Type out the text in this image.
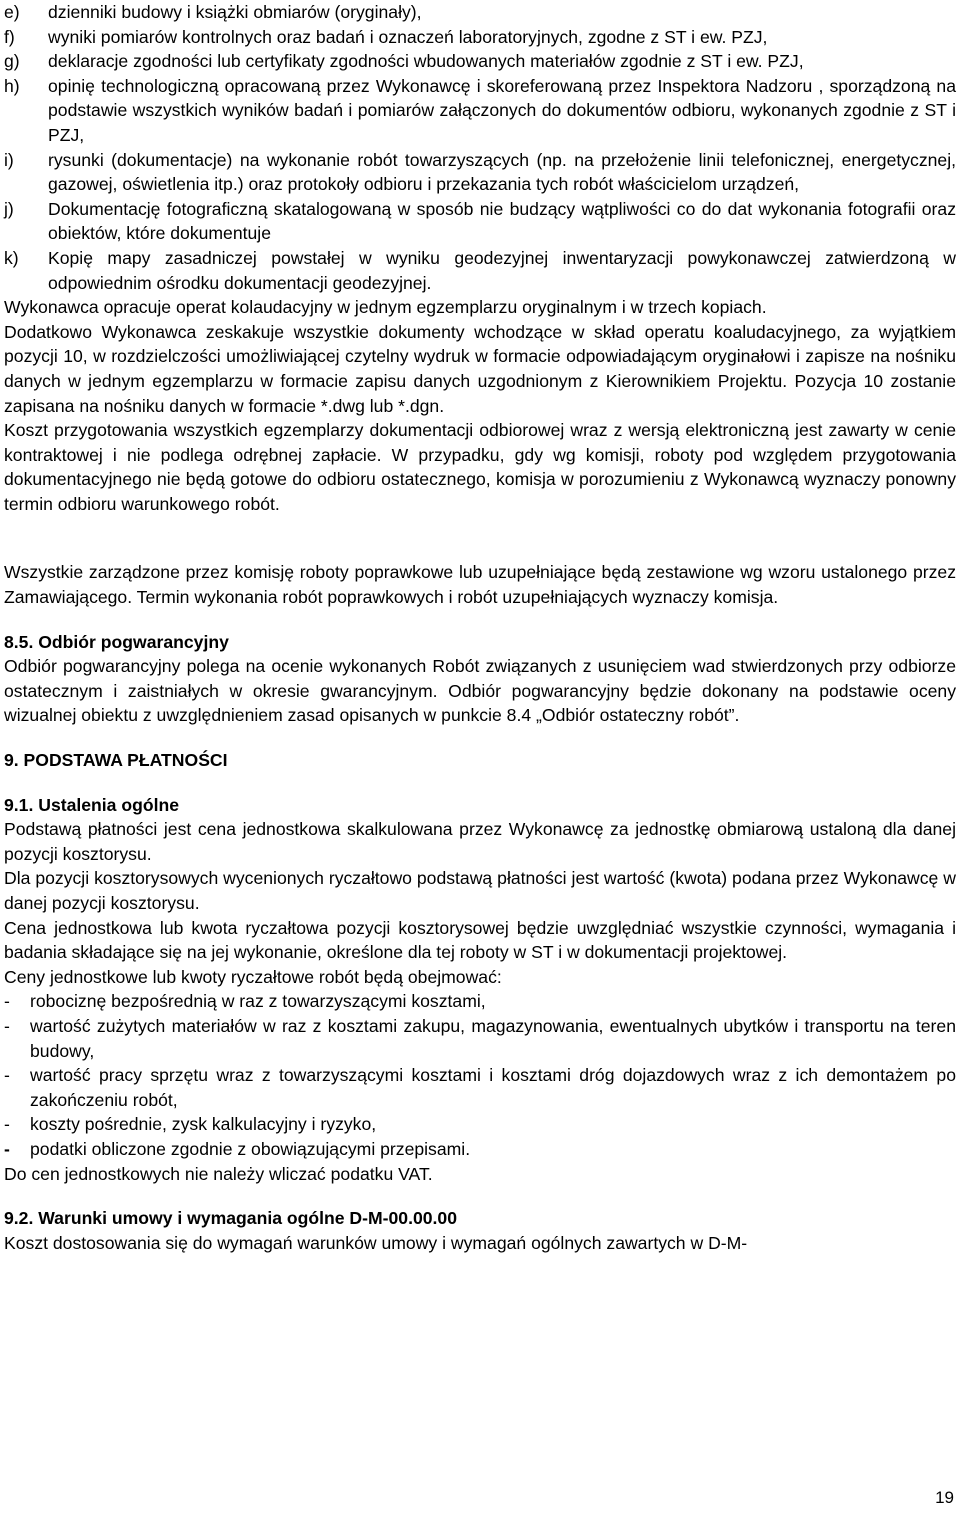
e)	dzienniki budowy i książki obmiarów (oryginały),
f)	wyniki pomiarów kontrolnych oraz badań i oznaczeń laboratoryjnych, zgodne z ST i ew. PZJ,
g)	deklaracje zgodności lub certyfikaty zgodności wbudowanych materiałów zgodnie z ST i ew. PZJ,
h)	opinię technologiczną opracowaną przez Wykonawcę i skoreferowaną przez Inspektora Nadzoru , sporządzoną na podstawie wszystkich wyników badań i pomiarów załączonych do dokumentów odbioru, wykonanych zgodnie z ST i PZJ,
i)	rysunki (dokumentacje) na wykonanie robót towarzyszących (np. na przełożenie linii telefonicznej, energetycznej, gazowej, oświetlenia itp.) oraz protokoły odbioru i przekazania tych robót właścicielom urządzeń,
j)	Dokumentację fotograficzną skatalogowaną w sposób nie budzący wątpliwości co do dat wykonania fotografii oraz obiektów, które dokumentuje
k)	Kopię mapy zasadniczej powstałej w wyniku geodezyjnej inwentaryzacji powykonawczej zatwierdzoną w odpowiednim ośrodku dokumentacji geodezyjnej.

Wykonawca opracuje operat kolaudacyjny w jednym egzemplarzu oryginalnym i w trzech kopiach.

Dodatkowo Wykonawca zeskakuje wszystkie dokumenty wchodzące w skład operatu koaludacyjnego, za wyjątkiem pozycji 10, w rozdzielczości umożliwiającej czytelny wydruk w formacie odpowiadającym oryginałowi i zapisze na nośniku danych w jednym egzemplarzu w formacie zapisu danych uzgodnionym z Kierownikiem Projektu. Pozycja 10 zostanie zapisana na nośniku danych w formacie *.dwg lub *.dgn.

Koszt przygotowania wszystkich egzemplarzy dokumentacji odbiorowej wraz z wersją elektroniczną jest zawarty w cenie kontraktowej i nie podlega odrębnej zapłacie. W przypadku, gdy wg komisji, roboty pod względem przygotowania dokumentacyjnego nie będą gotowe do odbioru ostatecznego, komisja w porozumieniu z Wykonawcą wyznaczy ponowny termin odbioru warunkowego robót.

Wszystkie zarządzone przez komisję roboty poprawkowe lub uzupełniające będą zestawione wg wzoru ustalonego przez Zamawiającego. Termin wykonania robót poprawkowych i robót uzupełniających wyznaczy komisja.

8.5. Odbiór pogwarancyjny

Odbiór pogwarancyjny polega na ocenie wykonanych Robót związanych z usunięciem wad stwierdzonych przy odbiorze ostatecznym i zaistniałych w okresie gwarancyjnym. Odbiór pogwarancyjny będzie dokonany na podstawie oceny wizualnej obiektu z uwzględnieniem zasad opisanych w punkcie 8.4 „Odbiór ostateczny robót”.

9. PODSTAWA PŁATNOŚCI

9.1. Ustalenia ogólne

Podstawą płatności jest cena jednostkowa skalkulowana przez Wykonawcę za jednostkę obmiarową ustaloną dla danej pozycji kosztorysu.

Dla pozycji kosztorysowych wycenionych ryczałtowo podstawą płatności jest wartość (kwota) podana przez Wykonawcę w danej pozycji kosztorysu.

Cena jednostkowa lub kwota ryczałtowa pozycji kosztorysowej będzie uwzględniać wszystkie czynności, wymagania i badania składające się na jej wykonanie, określone dla tej roboty w ST i w dokumentacji projektowej.

Ceny jednostkowe lub kwoty ryczałtowe robót będą obejmować:

-	robociznę bezpośrednią w raz z towarzyszącymi kosztami,
-	wartość zużytych materiałów w raz z kosztami zakupu, magazynowania, ewentualnych ubytków i transportu na teren budowy,
-	wartość pracy sprzętu wraz z towarzyszącymi kosztami i kosztami dróg dojazdowych wraz z ich demontażem po zakończeniu robót,
-	koszty pośrednie, zysk kalkulacyjny i ryzyko,
-	podatki obliczone zgodnie z obowiązującymi przepisami.

Do cen jednostkowych nie należy wliczać podatku VAT.

9.2. Warunki umowy i wymagania ogólne D-M-00.00.00

Koszt dostosowania się do wymagań warunków umowy i wymagań ogólnych zawartych w D-M-

19
